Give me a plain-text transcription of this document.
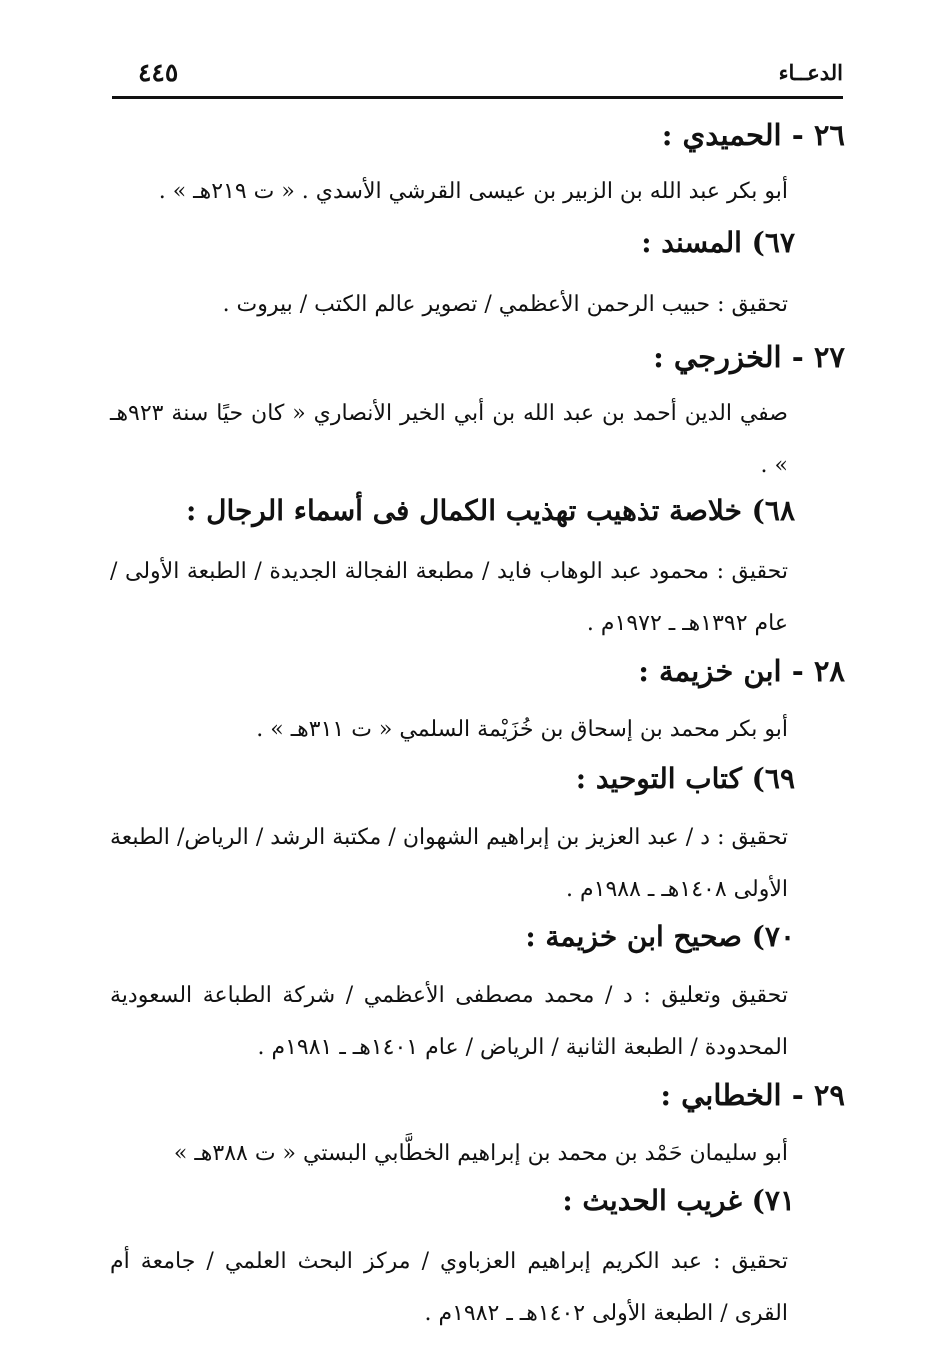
الدعــاء
٤٤٥
٢٦ - الحميدي :
أبو بكر عبد الله بن الزبير بن عيسى القرشي الأسدي . « ت ٢١٩هـ » .
٦٧) المسند :
تحقيق : حبيب الرحمن الأعظمي / تصوير عالم الكتب / بيروت .
٢٧ - الخزرجي :
صفي الدين أحمد بن عبد الله بن أبي الخير الأنصاري « كان حيًا سنة ٩٢٣هـ » .
٦٨) خلاصة تذهيب تهذيب الكمال فى أسماء الرجال :
تحقيق : محمود عبد الوهاب فايد / مطبعة الفجالة الجديدة / الطبعة الأولى / عام ١٣٩٢هـ ـ ١٩٧٢م .
٢٨ - ابن خزيمة :
أبو بكر محمد بن إسحاق بن خُزَيْمة السلمي « ت ٣١١هـ » .
٦٩) كتاب التوحيد :
تحقيق : د / عبد العزيز بن إبراهيم الشهوان / مكتبة الرشد / الرياض/ الطبعة الأولى ١٤٠٨هـ ـ ١٩٨٨م .
٧٠) صحيح ابن خزيمة :
تحقيق وتعليق : د / محمد مصطفى الأعظمي / شركة الطباعة السعودية المحدودة / الطبعة الثانية / الرياض / عام ١٤٠١هـ ـ ١٩٨١م .
٢٩ - الخطابي :
أبو سليمان حَمْد بن محمد بن إبراهيم الخطَّابي البستي « ت ٣٨٨هـ »
٧١) غريب الحديث :
تحقيق : عبد الكريم إبراهيم العزباوي / مركز البحث العلمي / جامعة أم القرى / الطبعة الأولى ١٤٠٢هـ ـ ١٩٨٢م .
